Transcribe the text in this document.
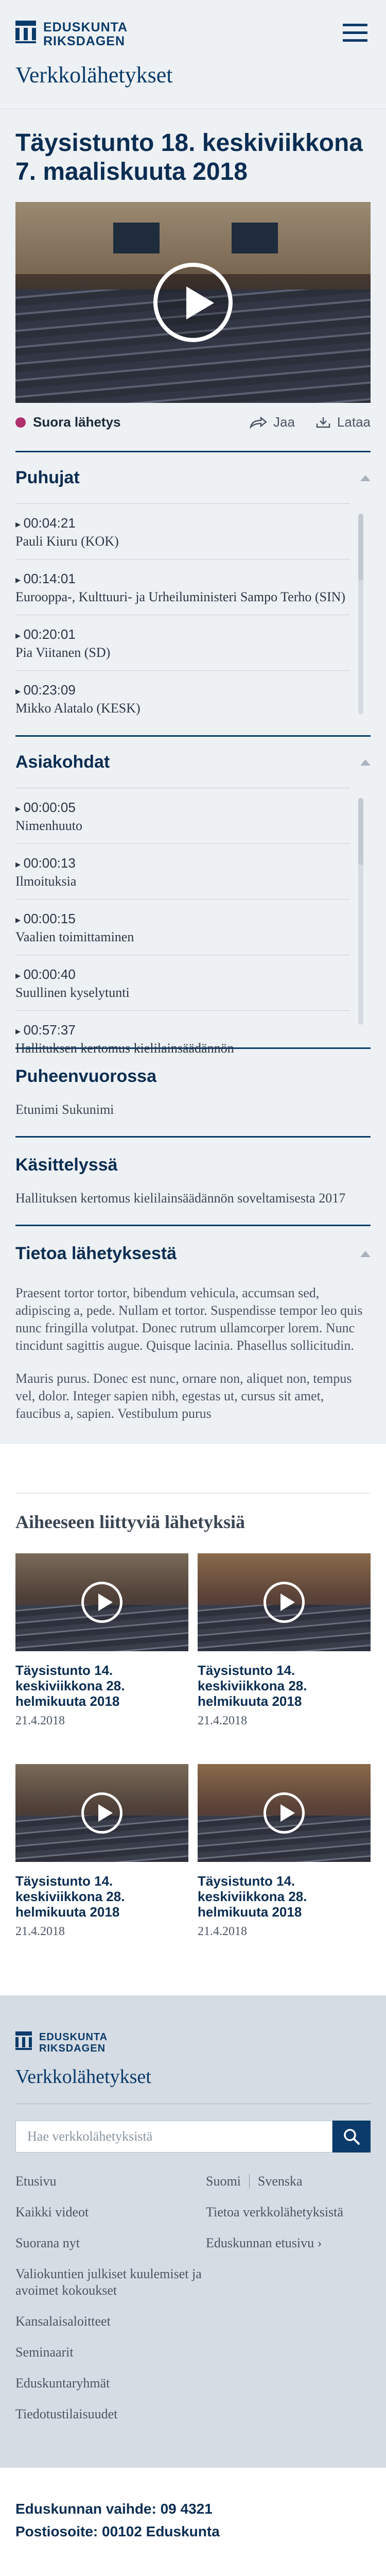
EDUSKUNTA
RIKSDAGEN
Verkkolähetykset
Täysistunto 18. keskiviikkona 7. maaliskuuta 2018
Suora lähetys	Jaa	Lataa
Puhujat
▸ 00:04:21
Pauli Kiuru (KOK)
▸ 00:14:01
Eurooppa-, Kulttuuri- ja Urheiluministeri Sampo Terho (SIN)
▸ 00:20:01
Pia Viitanen (SD)
▸ 00:23:09
Mikko Alatalo (KESK)
Asiakohdat
▸ 00:00:05
Nimenhuuto
▸ 00:00:13
Ilmoituksia
▸ 00:00:15
Vaalien toimittaminen
▸ 00:00:40
Suullinen kyselytunti
▸ 00:57:37
Hallituksen kertomus kielilainsäädännön
Puheenvuorossa

Etunimi Sukunimi

Käsittelyssä

Hallituksen kertomus kielilainsäädännön soveltamisesta 2017

Tietoa lähetyksestä

Praesent tortor tortor, bibendum vehicula, accumsan sed, adipiscing a, pede. Nullam et tortor. Suspendisse tempor leo quis nunc fringilla volutpat. Donec rutrum ullamcorper lorem. Nunc tincidunt sagittis augue. Quisque lacinia. Phasellus sollicitudin.

Mauris purus. Donec est nunc, ornare non, aliquet non, tempus vel, dolor. Integer sapien nibh, egestas ut, cursus sit amet, faucibus a, sapien. Vestibulum purus

Aiheeseen liittyviä lähetyksiä
Täysistunto 14. keskiviikkona 28. helmikuuta 2018
21.4.2018
Täysistunto 14. keskiviikkona 28. helmikuuta 2018
21.4.2018
Täysistunto 14. keskiviikkona 28. helmikuuta 2018
21.4.2018
Täysistunto 14. keskiviikkona 28. helmikuuta 2018
21.4.2018
EDUSKUNTA
RIKSDAGEN
Verkkolähetykset
Hae verkkolähetyksistä
Etusivu
Kaikki videot
Suorana nyt
Valiokuntien julkiset kuulemiset ja avoimet kokoukset
Kansalaisaloitteet
Seminaarit
Eduskuntaryhmät
Tiedotustilaisuudet
Suomi Svenska
Tietoa verkkolähetyksistä
Eduskunnan etusivu ›
Eduskunnan vaihde: 09 4321
Postiosoite: 00102 Eduskunta
